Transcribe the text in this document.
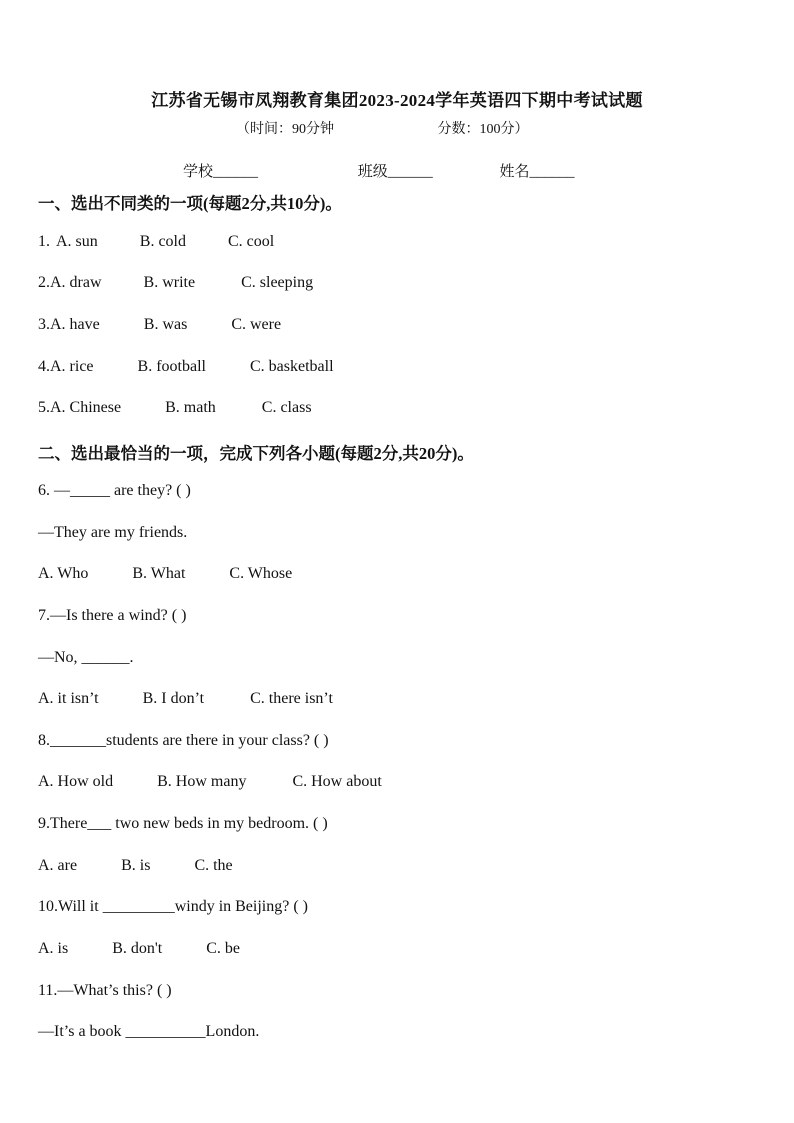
江苏省无锡市凤翔教育集团2023-2024学年英语四下期中考试试题
（时间：90分钟	分数：100分）
学校______	班级______	姓名______
一、选出不同类的一项(每题2分,共10分)。
1. A. sun	B. cold	C. cool
2.A. draw	B. write	C. sleeping
3.A. have	B. was	C. were
4.A. rice	B. football	C. basketball
5.A. Chinese	B. math	C. class
二、选出最恰当的一项，完成下列各小题(每题2分,共20分)。
6. —_____ are they? ( )
—They are my friends.
A. Who	B. What	C. Whose
7.—Is there a wind? ( )
—No, ______.
A. it isn’t	B. I don’t	C. there isn’t
8._______students are there in your class? ( )
A. How old	B. How many	C. How about
9.There___ two new beds in my bedroom. ( )
A. are	B. is	C. the
10.Will it _________windy in Beijing? ( )
A. is	B. don't	C. be
11.—What’s this? ( )
—It’s a book __________London.
